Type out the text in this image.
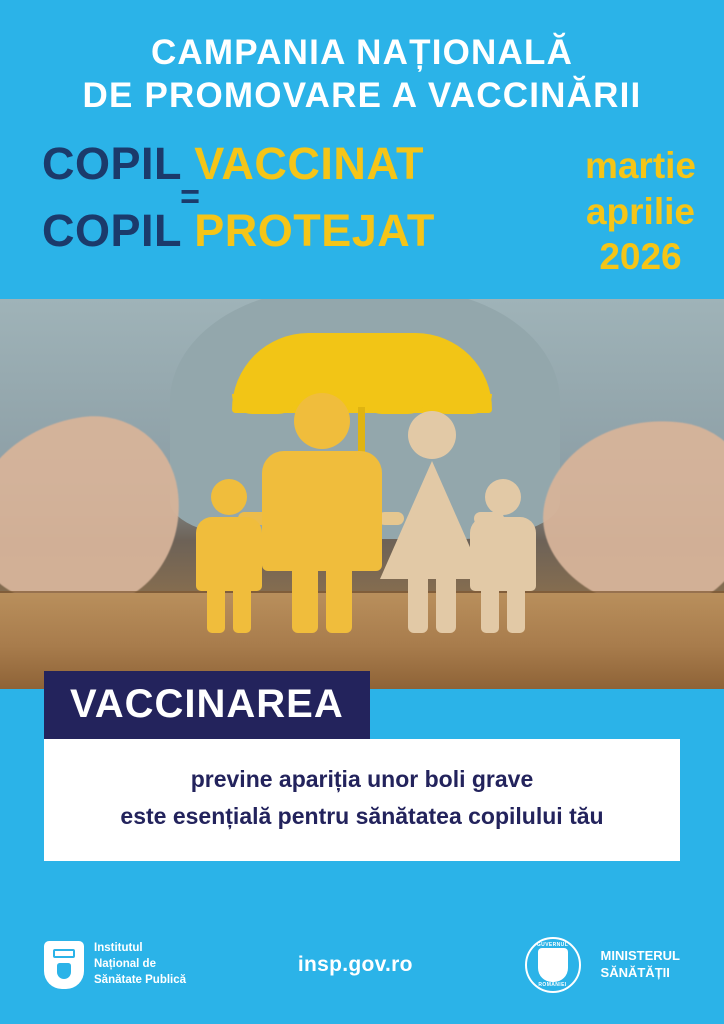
CAMPANIA NAȚIONALĂ
DE PROMOVARE A VACCINĂRII
COPIL VACCINAT
=
COPIL PROTEJAT
martie
aprilie
2026
VACCINAREA
previne apariția unor boli grave
este esențială pentru sănătatea copilului tău
Institutul
Național de
Sănătate Publică
insp.gov.ro
GUVERNUL
ROMÂNIEI
MINISTERUL
SĂNĂTĂȚII
